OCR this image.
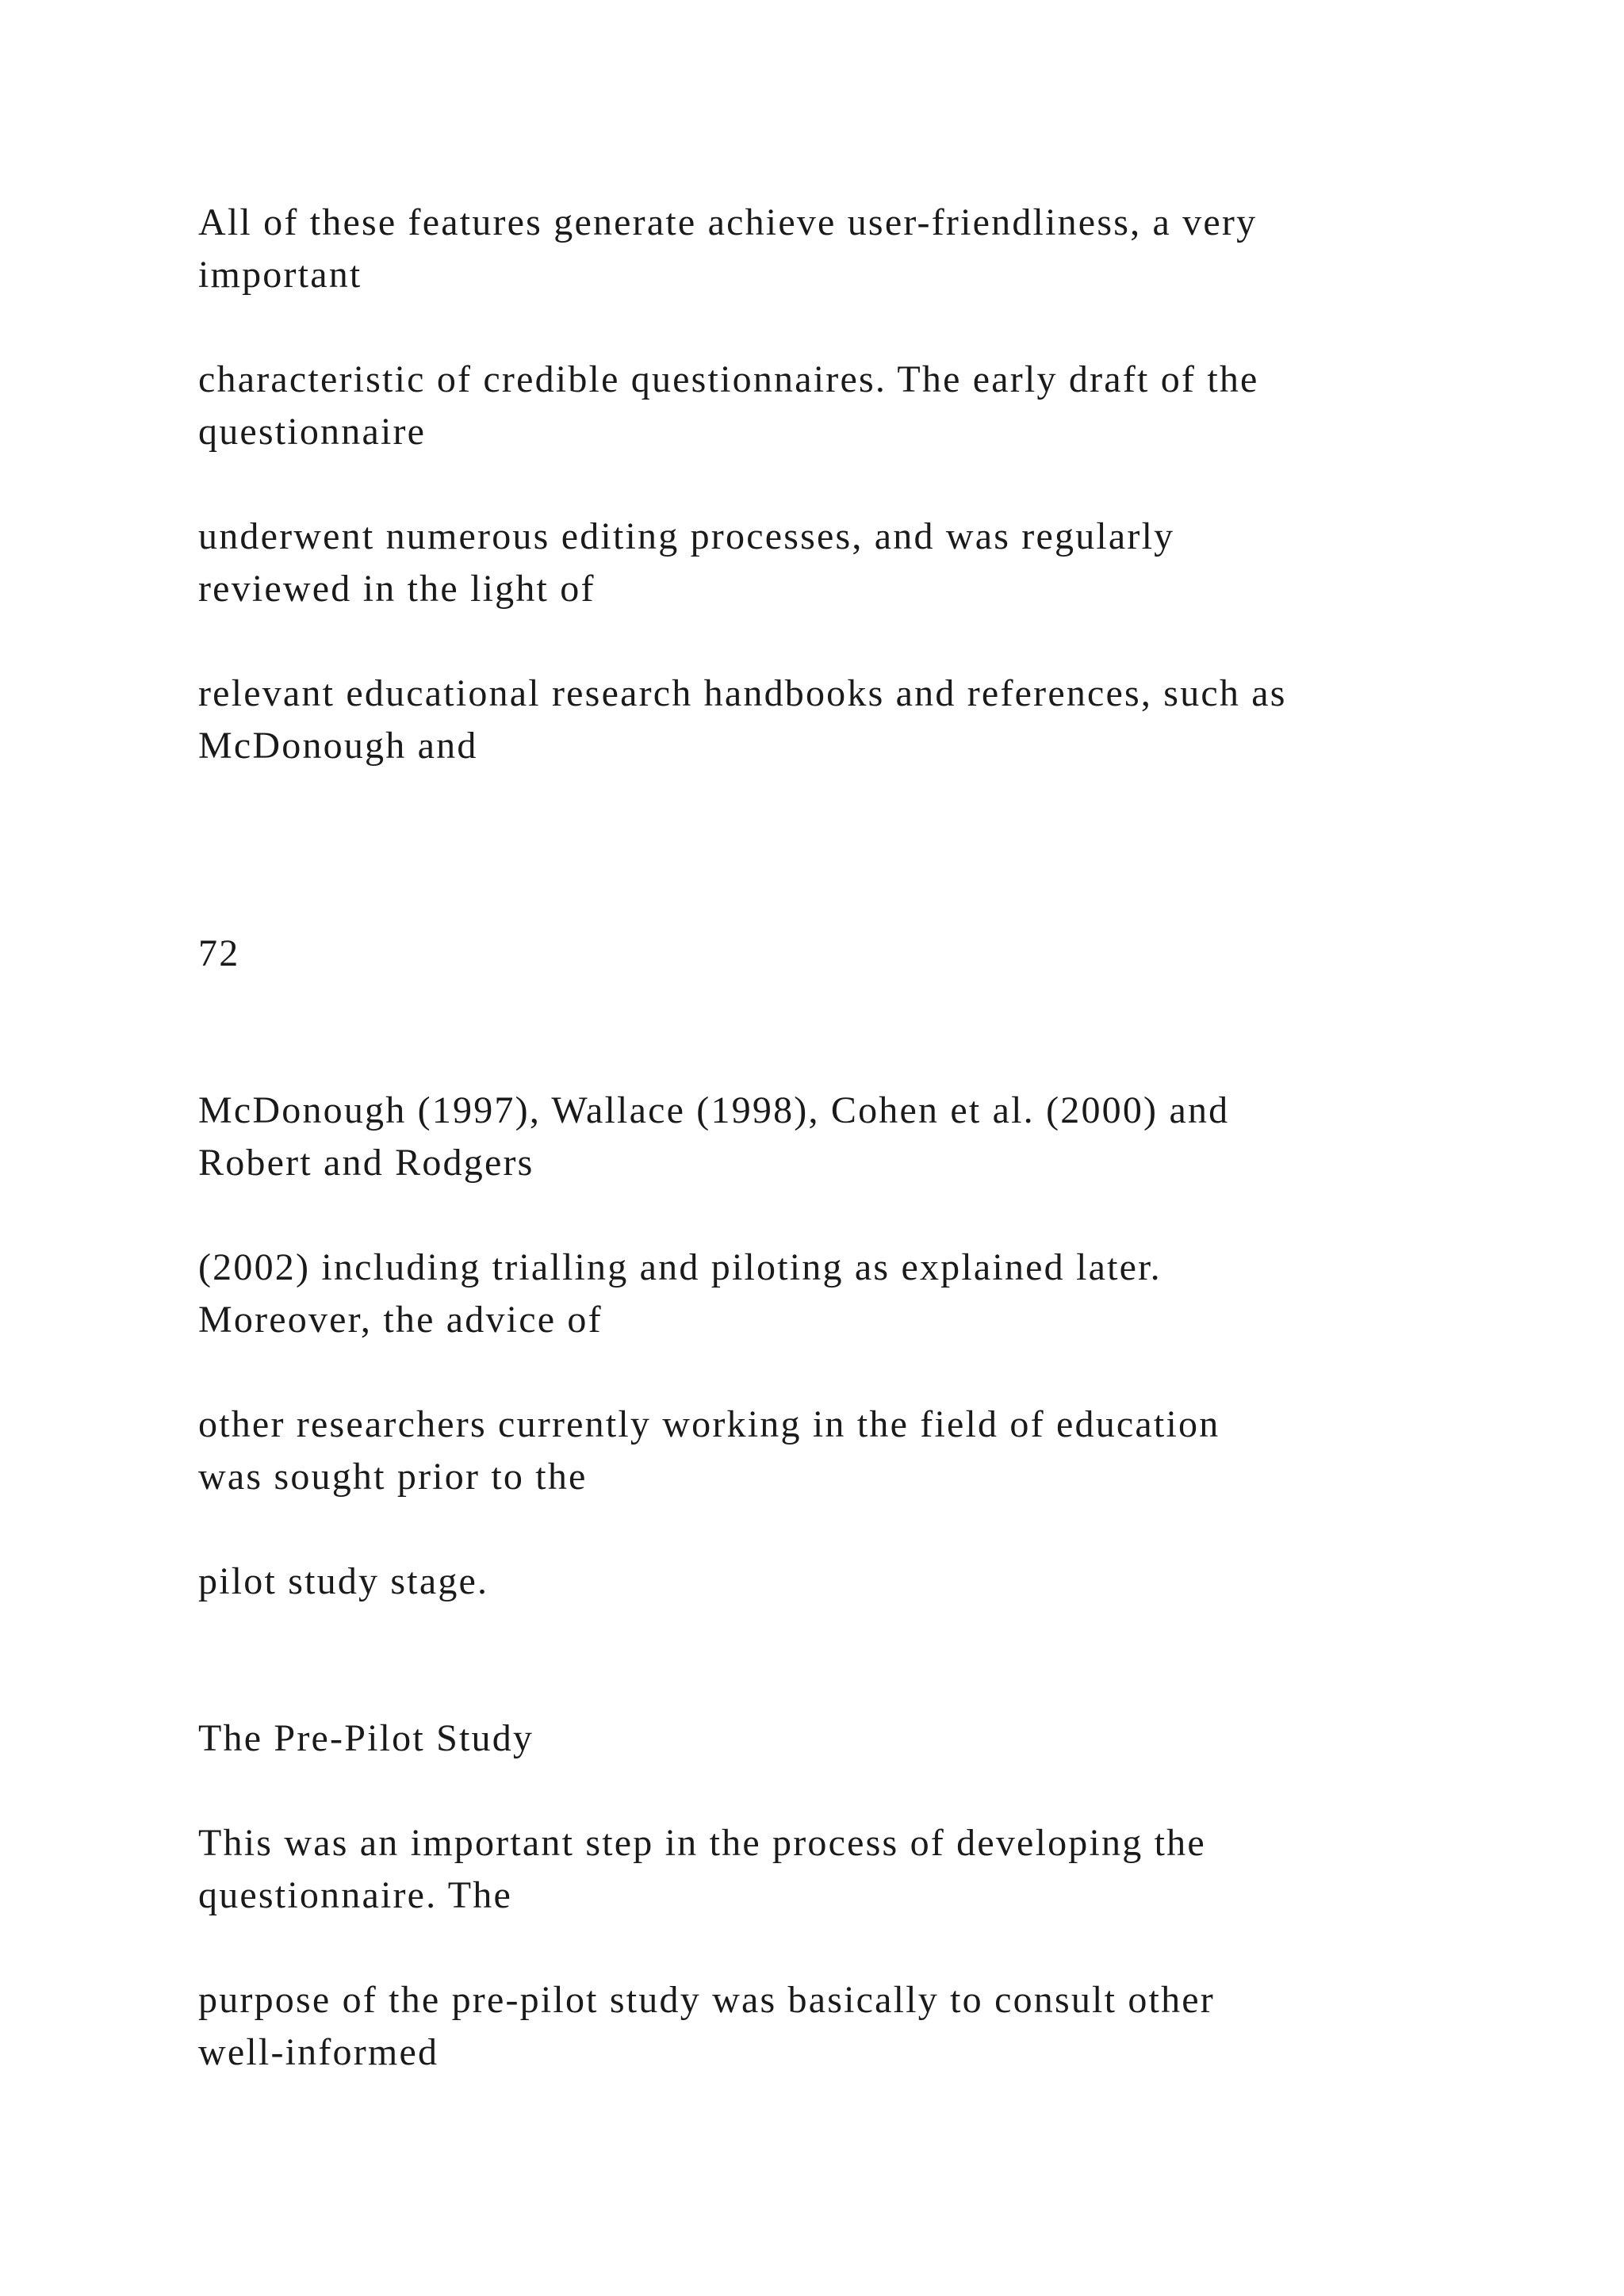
All of these features generate achieve user-friendliness, a very

important

characteristic of credible questionnaires. The early draft of the

questionnaire

underwent numerous editing processes, and was regularly

reviewed in the light of

relevant educational research handbooks and references, such as

McDonough and

72

McDonough (1997), Wallace (1998), Cohen et al. (2000) and

Robert and Rodgers

(2002) including trialling and piloting as explained later.

Moreover, the advice of

other researchers currently working in the field of education

was sought prior to the

pilot study stage.

The Pre-Pilot Study

This was an important step in the process of developing the

questionnaire. The

purpose of the pre-pilot study was basically to consult other

well-informed
